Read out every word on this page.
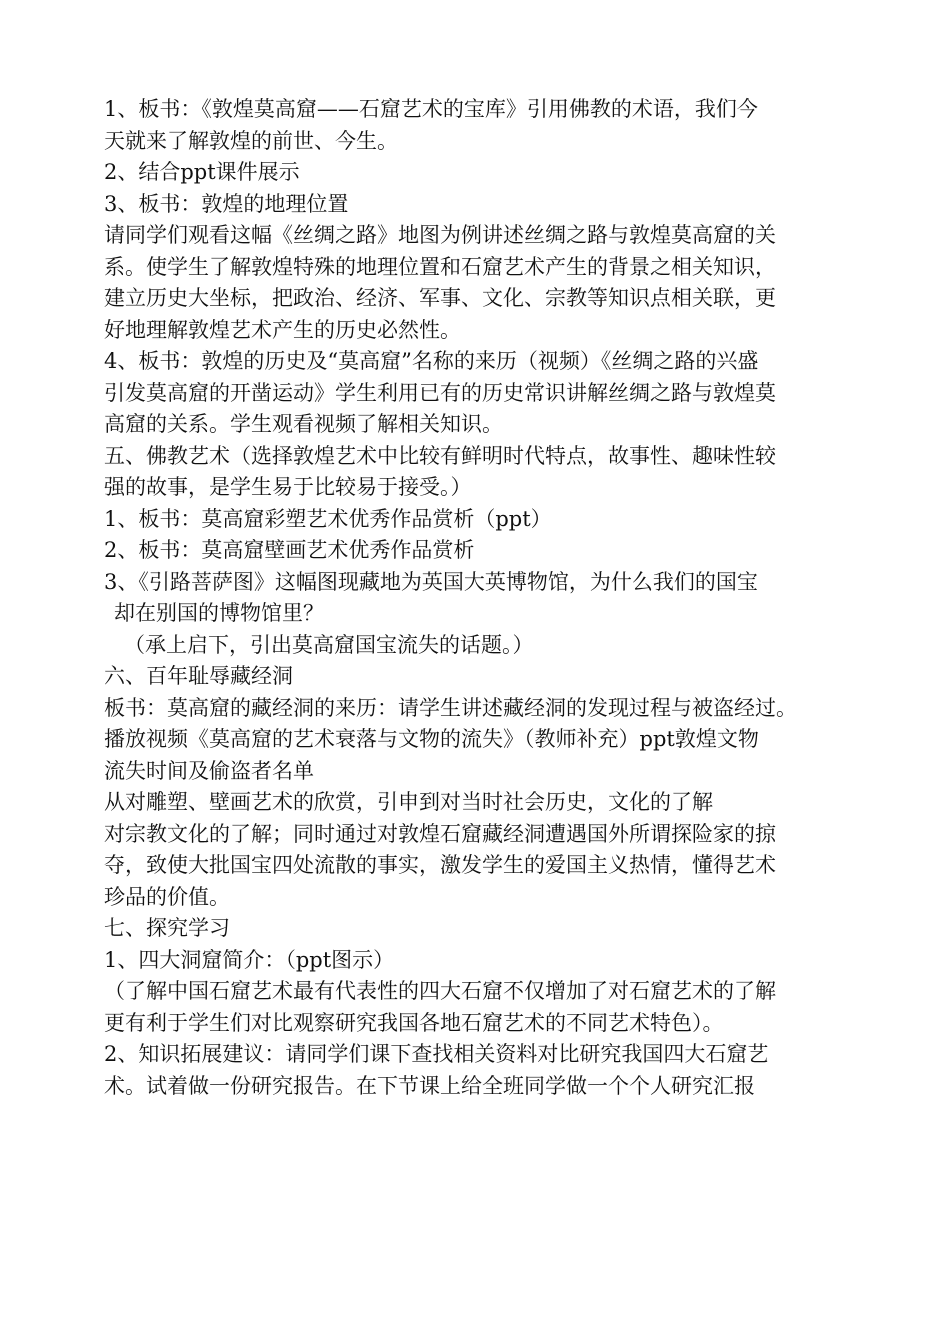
1、板书：《敦煌莫高窟——石窟艺术的宝库》引用佛教的术语，我们今
天就来了解敦煌的前世、今生。
2、结合ppt课件展示
3、板书：敦煌的地理位置
请同学们观看这幅《丝绸之路》地图为例讲述丝绸之路与敦煌莫高窟的关
系。使学生了解敦煌特殊的地理位置和石窟艺术产生的背景之相关知识，
建立历史大坐标，把政治、经济、军事、文化、宗教等知识点相关联，更
好地理解敦煌艺术产生的历史必然性。
4、板书：敦煌的历史及“莫高窟”名称的来历（视频）《丝绸之路的兴盛
引发莫高窟的开凿运动》学生利用已有的历史常识讲解丝绸之路与敦煌莫
高窟的关系。学生观看视频了解相关知识。
五、佛教艺术（选择敦煌艺术中比较有鲜明时代特点，故事性、趣味性较
强的故事，是学生易于比较易于接受。）
1、板书：莫高窟彩塑艺术优秀作品赏析（ppt）
2、板书：莫高窟壁画艺术优秀作品赏析
3、《引路菩萨图》这幅图现藏地为英国大英博物馆，为什么我们的国宝
却在别国的博物馆里？
（承上启下，引出莫高窟国宝流失的话题。）
六、百年耻辱藏经洞
板书：莫高窟的藏经洞的来历：请学生讲述藏经洞的发现过程与被盗经过。
播放视频《莫高窟的艺术衰落与文物的流失》（教师补充）ppt敦煌文物
流失时间及偷盗者名单
从对雕塑、壁画艺术的欣赏，引申到对当时社会历史，文化的了解
对宗教文化的了解；同时通过对敦煌石窟藏经洞遭遇国外所谓探险家的掠
夺，致使大批国宝四处流散的事实，激发学生的爱国主义热情，懂得艺术
珍品的价值。
七、探究学习
1、四大洞窟简介：（ppt图示）
（了解中国石窟艺术最有代表性的四大石窟不仅增加了对石窟艺术的了解
更有利于学生们对比观察研究我国各地石窟艺术的不同艺术特色）。
2、知识拓展建议：请同学们课下查找相关资料对比研究我国四大石窟艺
术。试着做一份研究报告。在下节课上给全班同学做一个个人研究汇报
